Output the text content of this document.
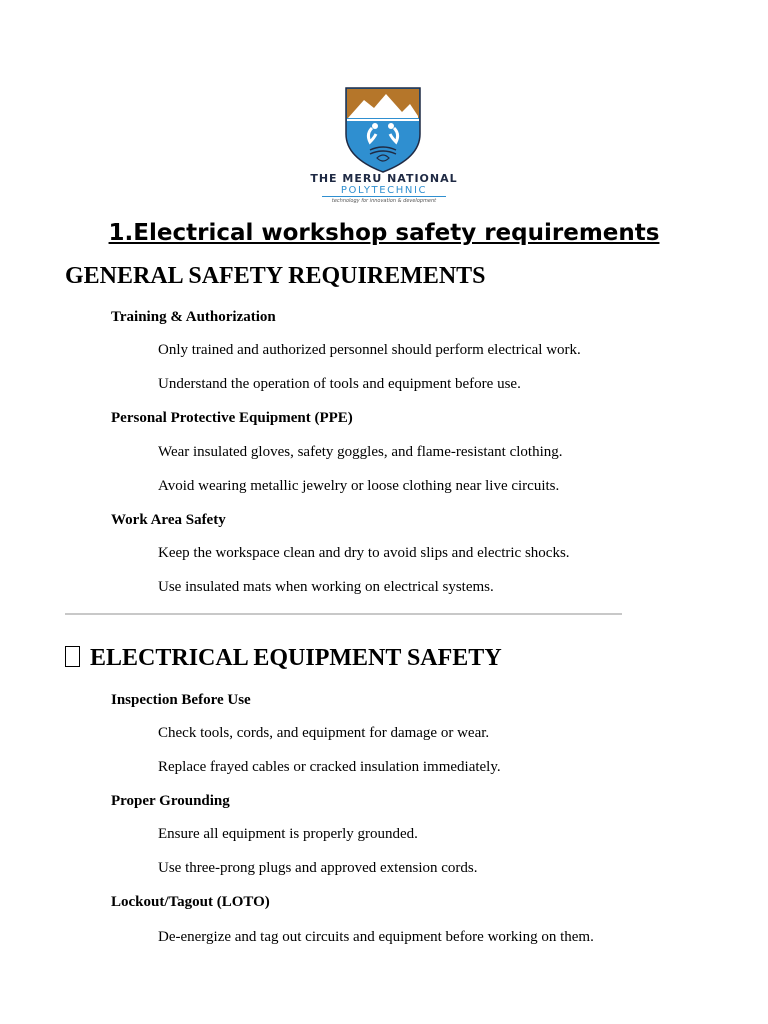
THE MERU NATIONAL
POLYTECHNIC
technology for innovation & development
1.Electrical workshop safety requirements
GENERAL SAFETY REQUIREMENTS
Training & Authorization

Only trained and authorized personnel should perform electrical work.

Understand the operation of tools and equipment before use.

Personal Protective Equipment (PPE)

Wear insulated gloves, safety goggles, and flame-resistant clothing.

Avoid wearing metallic jewelry or loose clothing near live circuits.

Work Area Safety

Keep the workspace clean and dry to avoid slips and electric shocks.

Use insulated mats when working on electrical systems.

ELECTRICAL EQUIPMENT SAFETY
Inspection Before Use

Check tools, cords, and equipment for damage or wear.

Replace frayed cables or cracked insulation immediately.

Proper Grounding

Ensure all equipment is properly grounded.

Use three-prong plugs and approved extension cords.

Lockout/Tagout (LOTO)

De-energize and tag out circuits and equipment before working on them.
